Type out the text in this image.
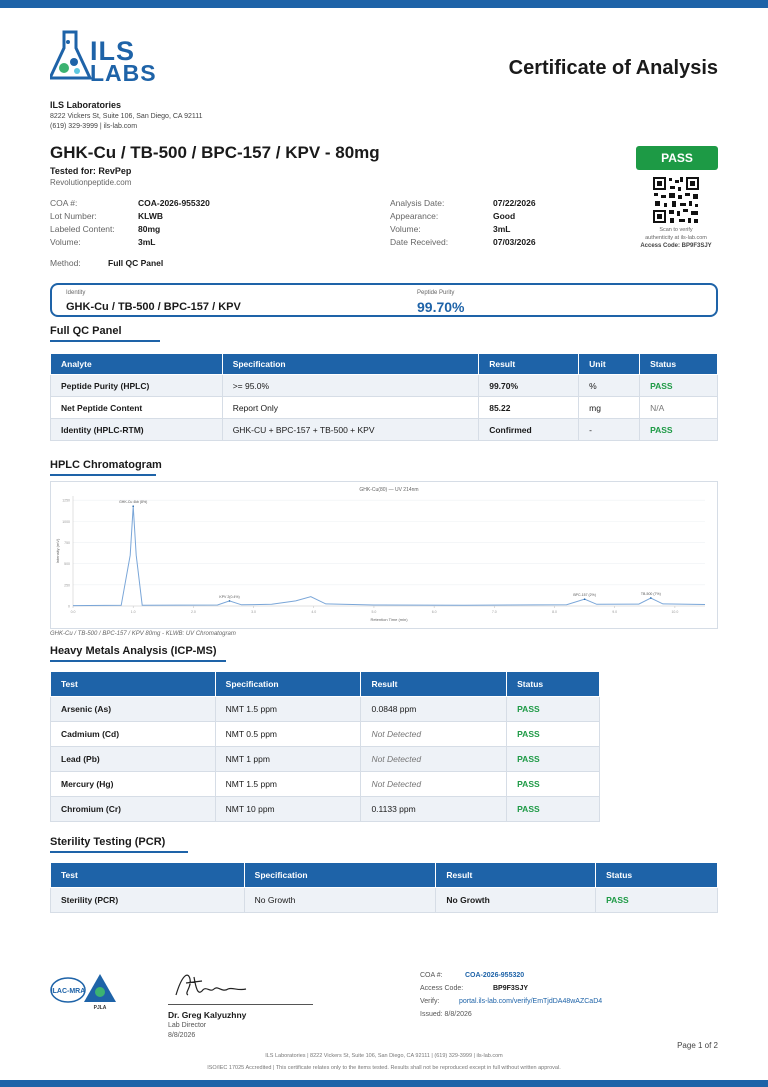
ILS
LABS	Certificate of Analysis
ILS Laboratories
8222 Vickers St, Suite 106, San Diego, CA 92111
(619) 329-3999 | ils-lab.com
GHK-Cu / TB-500 / BPC-157 / KPV - 80mg
Tested for: RevPep
Revolutionpeptide.com
PASS
Scan to verify
authenticity at ils-lab.com
Access Code: BP9F3SJY
COA #:	COA-2026-955320
Lot Number:	KLWB
Labeled Content:	80mg
Volume:	3mL
Analysis Date:	07/22/2026
Appearance:	Good
Volume:	3mL
Date Received:	07/03/2026
Method:	Full QC Panel
Identity
GHK-Cu / TB-500 / BPC-157 / KPV
Peptide Purity
99.70%
Full QC Panel
Analyte	Specification	Result	Unit	Status
Peptide Purity (HPLC)	>= 95.0%	99.70%	%	PASS
Net Peptide Content	Report Only	85.22	mg	N/A
Identity (HPLC-RTM)	GHK-CU + BPC-157 + TB-500 + KPV	Confirmed	-	PASS
HPLC Chromatogram
0
250
500
750
1000
1250
0.0	1.0	2.0	3.0	4.0	5.0	6.0	7.0	8.0	9.0	10.0
GHK-Cu(80) — UV 214nm
Retention Time (min)
Intensity (mV)
GHK-Cu 4kb (8%)
KPV 2(0.4%)	BPC-157 (2%)	TB-500 (7%)
GHK-Cu / TB-500 / BPC-157 / KPV 80mg - KLWB: UV Chromatogram
Heavy Metals Analysis (ICP-MS)
Test	Specification	Result	Status
Arsenic (As)	NMT 1.5 ppm	0.0848 ppm	PASS
Cadmium (Cd)	NMT 0.5 ppm	Not Detected	PASS
Lead (Pb)	NMT 1 ppm	Not Detected	PASS
Mercury (Hg)	NMT 1.5 ppm	Not Detected	PASS
Chromium (Cr)	NMT 10 ppm	0.1133 ppm	PASS
Sterility Testing (PCR)
Test	Specification	Result	Status
Sterility (PCR)	No Growth	No Growth	PASS
ILAC-MRA
PJLA
Dr. Greg Kalyuzhny
Lab Director
8/8/2026
COA #:	COA-2026-955320
Access Code:	BP9F3SJY
Verify:	portal.ils-lab.com/verify/EmTjdDA48wAZCaD4
Issued: 8/8/2026
Page 1 of 2
ILS Laboratories | 8222 Vickers St, Suite 106, San Diego, CA 92111 | (619) 329-3999 | ils-lab.com
ISO/IEC 17025 Accredited | This certificate relates only to the items tested. Results shall not be reproduced except in full without written approval.
